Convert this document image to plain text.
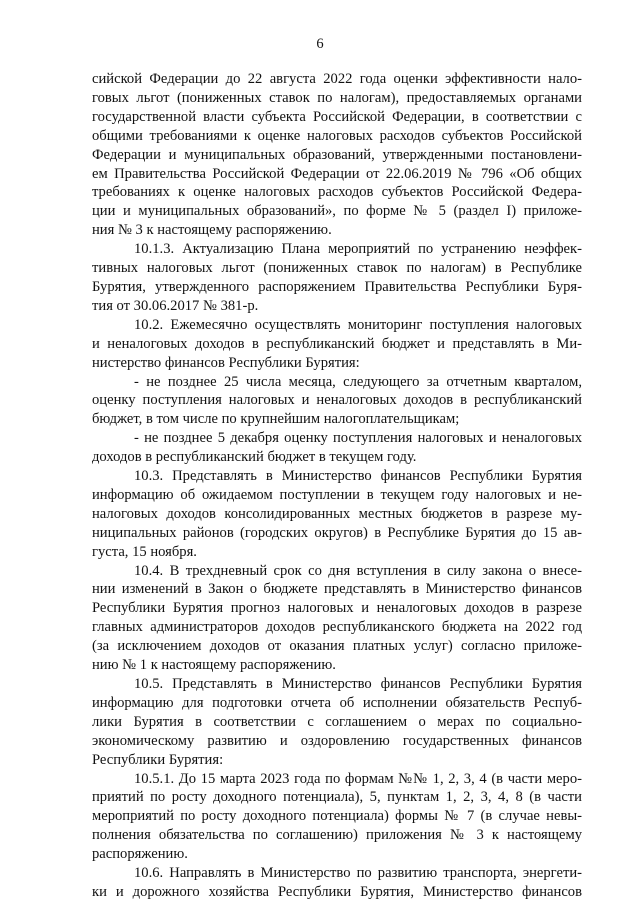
6
сийской Федерации до 22 августа 2022 года оценки эффективности нало-
говых льгот (пониженных ставок по налогам), предоставляемых органами
государственной власти субъекта Российской Федерации, в соответствии с
общими требованиями к оценке налоговых расходов субъектов Российской
Федерации и муниципальных образований, утвержденными постановлени-
ем Правительства Российской Федерации от 22.06.2019 № 796 «Об общих
требованиях к оценке налоговых расходов субъектов Российской Федера-
ции и муниципальных образований», по форме № 5 (раздел I) приложе-
ния № 3 к настоящему распоряжению.
10.1.3. Актуализацию Плана мероприятий по устранению неэффек-
тивных налоговых льгот (пониженных ставок по налогам) в Республике
Бурятия, утвержденного распоряжением Правительства Республики Буря-
тия от 30.06.2017 № 381-р.
10.2. Ежемесячно осуществлять мониторинг поступления налоговых
и неналоговых доходов в республиканский бюджет и представлять в Ми-
нистерство финансов Республики Бурятия:
- не позднее 25 числа месяца, следующего за отчетным кварталом,
оценку поступления налоговых и неналоговых доходов в республиканский
бюджет, в том числе по крупнейшим налогоплательщикам;
- не позднее 5 декабря оценку поступления налоговых и неналоговых
доходов в республиканский бюджет в текущем году.
10.3. Представлять в Министерство финансов Республики Бурятия
информацию об ожидаемом поступлении в текущем году налоговых и не-
налоговых доходов консолидированных местных бюджетов в разрезе му-
ниципальных районов (городских округов) в Республике Бурятия до 15 ав-
густа, 15 ноября.
10.4. В трехдневный срок со дня вступления в силу закона о внесе-
нии изменений в Закон о бюджете представлять в Министерство финансов
Республики Бурятия прогноз налоговых и неналоговых доходов в разрезе
главных администраторов доходов республиканского бюджета на 2022 год
(за исключением доходов от оказания платных услуг) согласно приложе-
нию № 1 к настоящему распоряжению.
10.5. Представлять в Министерство финансов Республики Бурятия
информацию для подготовки отчета об исполнении обязательств Респуб-
лики Бурятия в соответствии с соглашением о мерах по социально-
экономическому развитию и оздоровлению государственных финансов
Республики Бурятия:
10.5.1. До 15 марта 2023 года по формам №№ 1, 2, 3, 4 (в части меро-
приятий по росту доходного потенциала), 5, пунктам 1, 2, 3, 4, 8 (в части
мероприятий по росту доходного потенциала) формы № 7 (в случае невы-
полнения обязательства по соглашению) приложения № 3 к настоящему
распоряжению.
10.6. Направлять в Министерство по развитию транспорта, энергети-
ки и дорожного хозяйства Республики Бурятия, Министерство финансов
